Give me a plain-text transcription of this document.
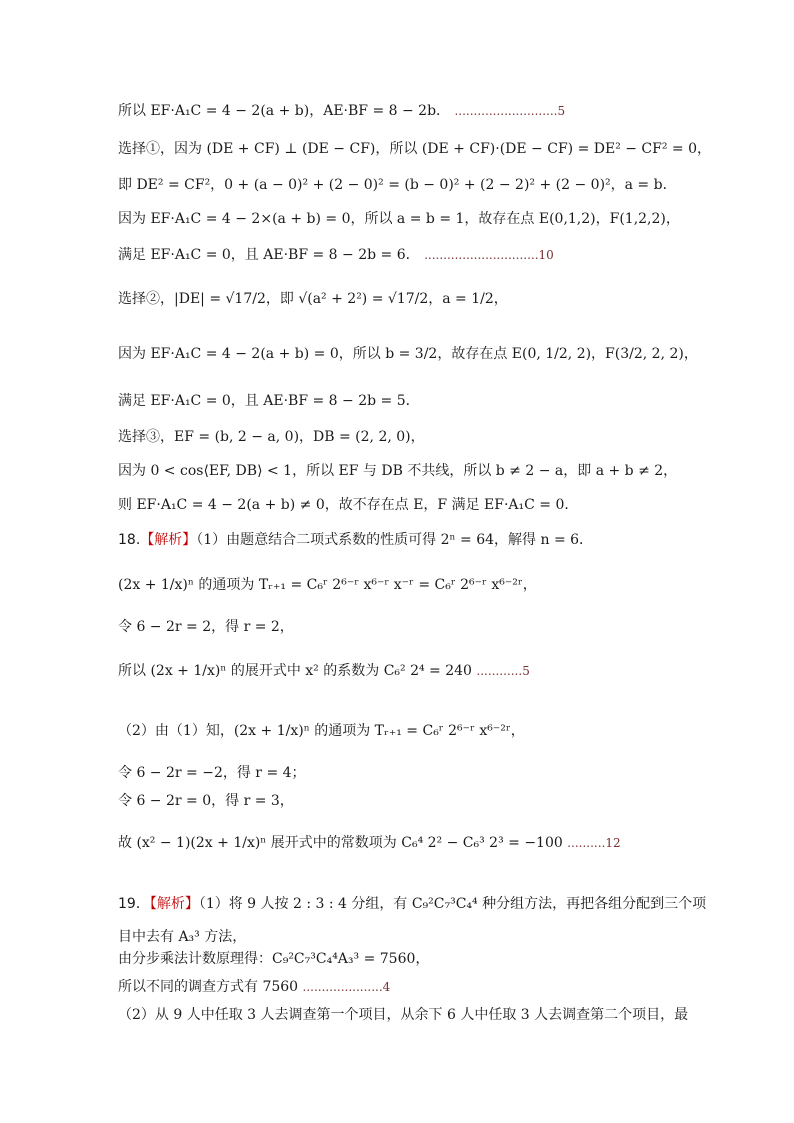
所以 EF·A₁C = 4 − 2(a + b)，AE·BF = 8 − 2b． ...........................5
选择①，因为 (DE + CF) ⊥ (DE − CF)，所以 (DE + CF)·(DE − CF) = DE² − CF² = 0，
即 DE² = CF²，0 + (a − 0)² + (2 − 0)² = (b − 0)² + (2 − 2)² + (2 − 0)²，a = b．
因为 EF·A₁C = 4 − 2×(a + b) = 0，所以 a = b = 1，故存在点 E(0,1,2)，F(1,2,2)，
满足 EF·A₁C = 0，且 AE·BF = 8 − 2b = 6． ..............................10
选择②，|DE| = √17/2，即 √(a² + 2²) = √17/2，a = 1/2，
因为 EF·A₁C = 4 − 2(a + b) = 0，所以 b = 3/2，故存在点 E(0, 1/2, 2)，F(3/2, 2, 2)，
满足 EF·A₁C = 0，且 AE·BF = 8 − 2b = 5．
选择③，EF = (b, 2 − a, 0)，DB = (2, 2, 0)，
因为 0 < cos⟨EF, DB⟩ < 1，所以 EF 与 DB 不共线，所以 b ≠ 2 − a，即 a + b ≠ 2，
则 EF·A₁C = 4 − 2(a + b) ≠ 0，故不存在点 E，F 满足 EF·A₁C = 0．
18.【解析】（1）由题意结合二项式系数的性质可得 2ⁿ = 64，解得 n = 6．
(2x + 1/x)ⁿ 的通项为 Tᵣ₊₁ = C₆ʳ 2⁶⁻ʳ x⁶⁻ʳ x⁻ʳ = C₆ʳ 2⁶⁻ʳ x⁶⁻²ʳ，
令 6 − 2r = 2，得 r = 2，
所以 (2x + 1/x)ⁿ 的展开式中 x² 的系数为 C₆² 2⁴ = 240 ............5
（2）由（1）知，(2x + 1/x)ⁿ 的通项为 Tᵣ₊₁ = C₆ʳ 2⁶⁻ʳ x⁶⁻²ʳ，
令 6 − 2r = −2，得 r = 4；
令 6 − 2r = 0，得 r = 3，
故 (x² − 1)(2x + 1/x)ⁿ 展开式中的常数项为 C₆⁴ 2² − C₆³ 2³ = −100 ..........12
19．【解析】（1）将 9 人按 2 : 3 : 4 分组，有 C₉²C₇³C₄⁴ 种分组方法，再把各组分配到三个项
目中去有 A₃³ 方法，
由分步乘法计数原理得：C₉²C₇³C₄⁴A₃³ = 7560，
所以不同的调查方式有 7560 .....................4
（2）从 9 人中任取 3 人去调查第一个项目，从余下 6 人中任取 3 人去调查第二个项目，最
